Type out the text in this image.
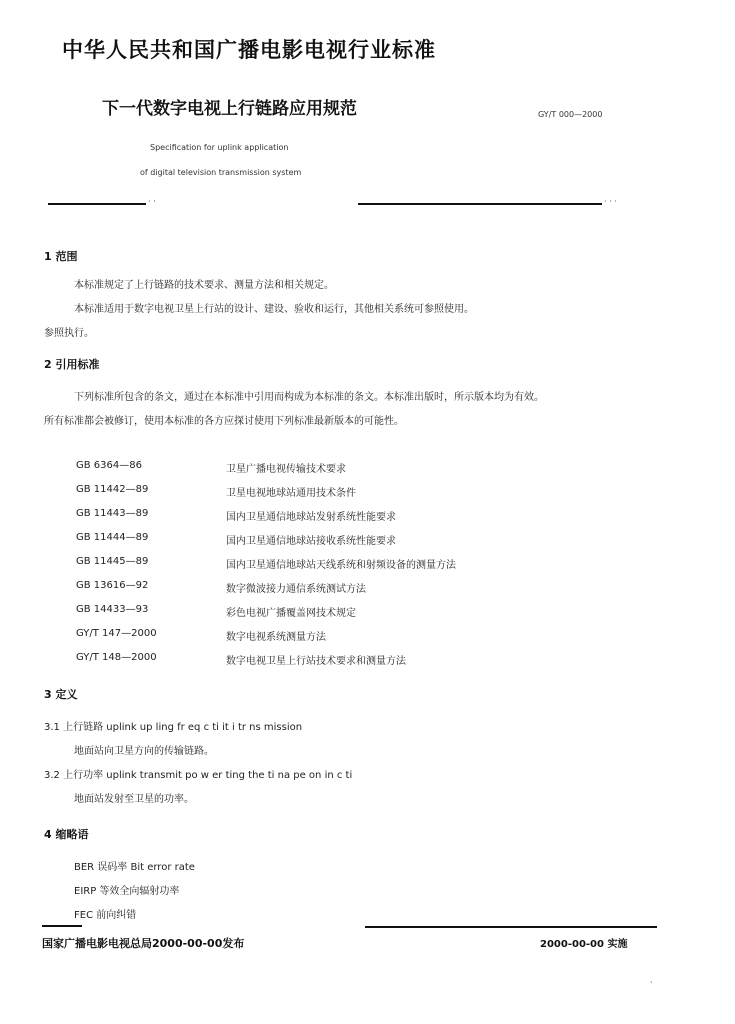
中华人民共和国广播电影电视行业标准
下一代数字电视上行链路应用规范	GY/T 000—2000
Specification for uplink application
of digital television transmission system
· ·	· · ·
1 范围
本标准规定了上行链路的技术要求、测量方法和相关规定。
本标准适用于数字电视卫星上行站的设计、建设、验收和运行，其他相关系统可参照使用。
参照执行。
2 引用标准
下列标准所包含的条文，通过在本标准中引用而构成为本标准的条文。本标准出版时，所示版本均为有效。
所有标准都会被修订，使用本标准的各方应探讨使用下列标准最新版本的可能性。
GB 6364—86	卫星广播电视传输技术要求
GB 11442—89	卫星电视地球站通用技术条件
GB 11443—89	国内卫星通信地球站发射系统性能要求
GB 11444—89	国内卫星通信地球站接收系统性能要求
GB 11445—89	国内卫星通信地球站天线系统和射频设备的测量方法
GB 13616—92	数字微波接力通信系统测试方法
GB 14433—93	彩色电视广播覆盖网技术规定
GY/T 147—2000	数字电视系统测量方法
GY/T 148—2000	数字电视卫星上行站技术要求和测量方法
3 定义
3.1 上行链路 uplink up ling fr eq c ti it i tr ns mission
地面站向卫星方向的传输链路。
3.2 上行功率 uplink transmit po w er ting the ti na pe on in c ti
地面站发射至卫星的功率。
4 缩略语
BER 误码率 Bit error rate
EIRP 等效全向辐射功率
FEC 前向纠错
国家广播电影电视总局2000-00-00发布	2000-00-00 实施
·
